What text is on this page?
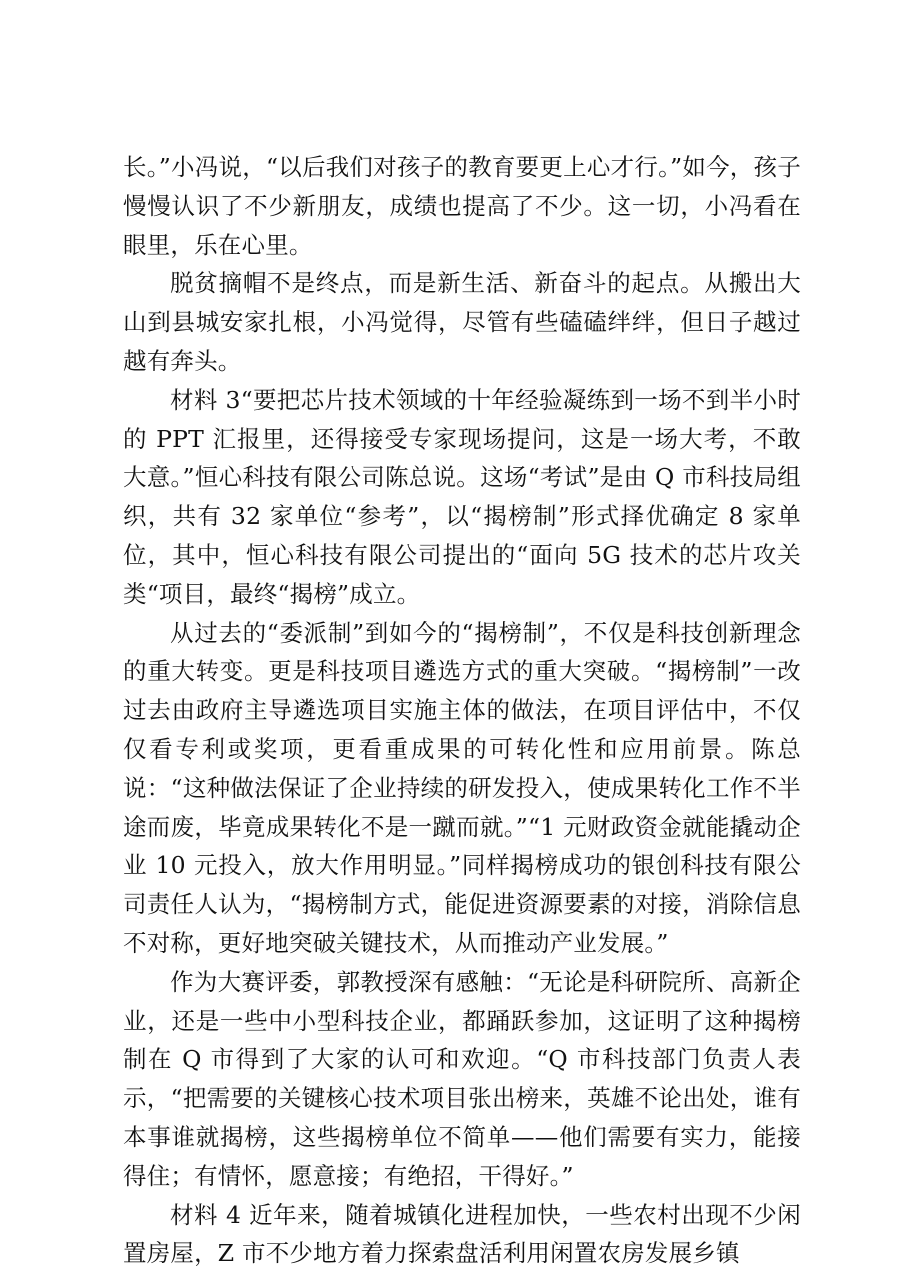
长。”小冯说，“以后我们对孩子的教育要更上心才行。”如今，孩子慢慢认识了不少新朋友，成绩也提高了不少。这一切，小冯看在眼里，乐在心里。

脱贫摘帽不是终点，而是新生活、新奋斗的起点。从搬出大山到县城安家扎根，小冯觉得，尽管有些磕磕绊绊，但日子越过越有奔头。

材料 3“要把芯片技术领域的十年经验凝练到一场不到半小时的 PPT 汇报里，还得接受专家现场提问，这是一场大考，不敢大意。”恒心科技有限公司陈总说。这场“考试”是由 Q 市科技局组织，共有 32 家单位“参考”，以“揭榜制”形式择优确定 8 家单位，其中，恒心科技有限公司提出的“面向 5G 技术的芯片攻关类“项目，最终“揭榜”成立。

从过去的“委派制”到如今的“揭榜制”，不仅是科技创新理念的重大转变。更是科技项目遴选方式的重大突破。“揭榜制”一改过去由政府主导遴选项目实施主体的做法，在项目评估中，不仅仅看专利或奖项，更看重成果的可转化性和应用前景。陈总说：“这种做法保证了企业持续的研发投入，使成果转化工作不半途而废，毕竟成果转化不是一蹴而就。”“1 元财政资金就能撬动企业 10 元投入，放大作用明显。”同样揭榜成功的银创科技有限公司责任人认为，“揭榜制方式，能促进资源要素的对接，消除信息不对称，更好地突破关键技术，从而推动产业发展。”

作为大赛评委，郭教授深有感触：“无论是科研院所、高新企业，还是一些中小型科技企业，都踊跃参加，这证明了这种揭榜制在 Q 市得到了大家的认可和欢迎。“Q 市科技部门负责人表示，“把需要的关键核心技术项目张出榜来，英雄不论出处，谁有本事谁就揭榜，这些揭榜单位不简单——他们需要有实力，能接得住；有情怀，愿意接；有绝招，干得好。”

材料 4 近年来，随着城镇化进程加快，一些农村出现不少闲置房屋，Z 市不少地方着力探索盘活利用闲置农房发展乡镇
